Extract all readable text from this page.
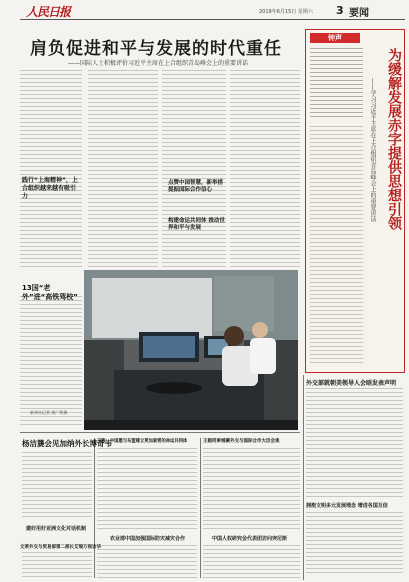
人民日报	2019年6月15日 星期六 3 要闻
肩负促进和平与发展的时代重任
——国际人士积极评价习近平主席在上合组织青岛峰会上的重要讲话
践行“上海精神”，上合组织越来越有吸引力
13国“老外”进“高铁驾校”
点赞中国智慧，新举措提振国际合作信心
构建命运共同体 推动世界和平与发展
新华社记者 邢广利摄
钟声
为缓解发展赤字提供思想引领
——学习习近平主席在上合组织青岛峰会上的重要讲话
外交部就朝美领导人会晤发表声明
拥抱文明多元发展理念 增进各国互信
杨洁篪会见加纳外长博奇韦
建好用好亚洲文化对话机制
文莱外交与贸易部第二部长艾瑞万视访华
王毅：中国愿与东盟建立更加紧密的命运共同体
农业部中国加强国际防灾减灾合作
王毅同柬埔寨外交与国际合作大臣会谈
中国人权研究会代表团访问突尼斯
